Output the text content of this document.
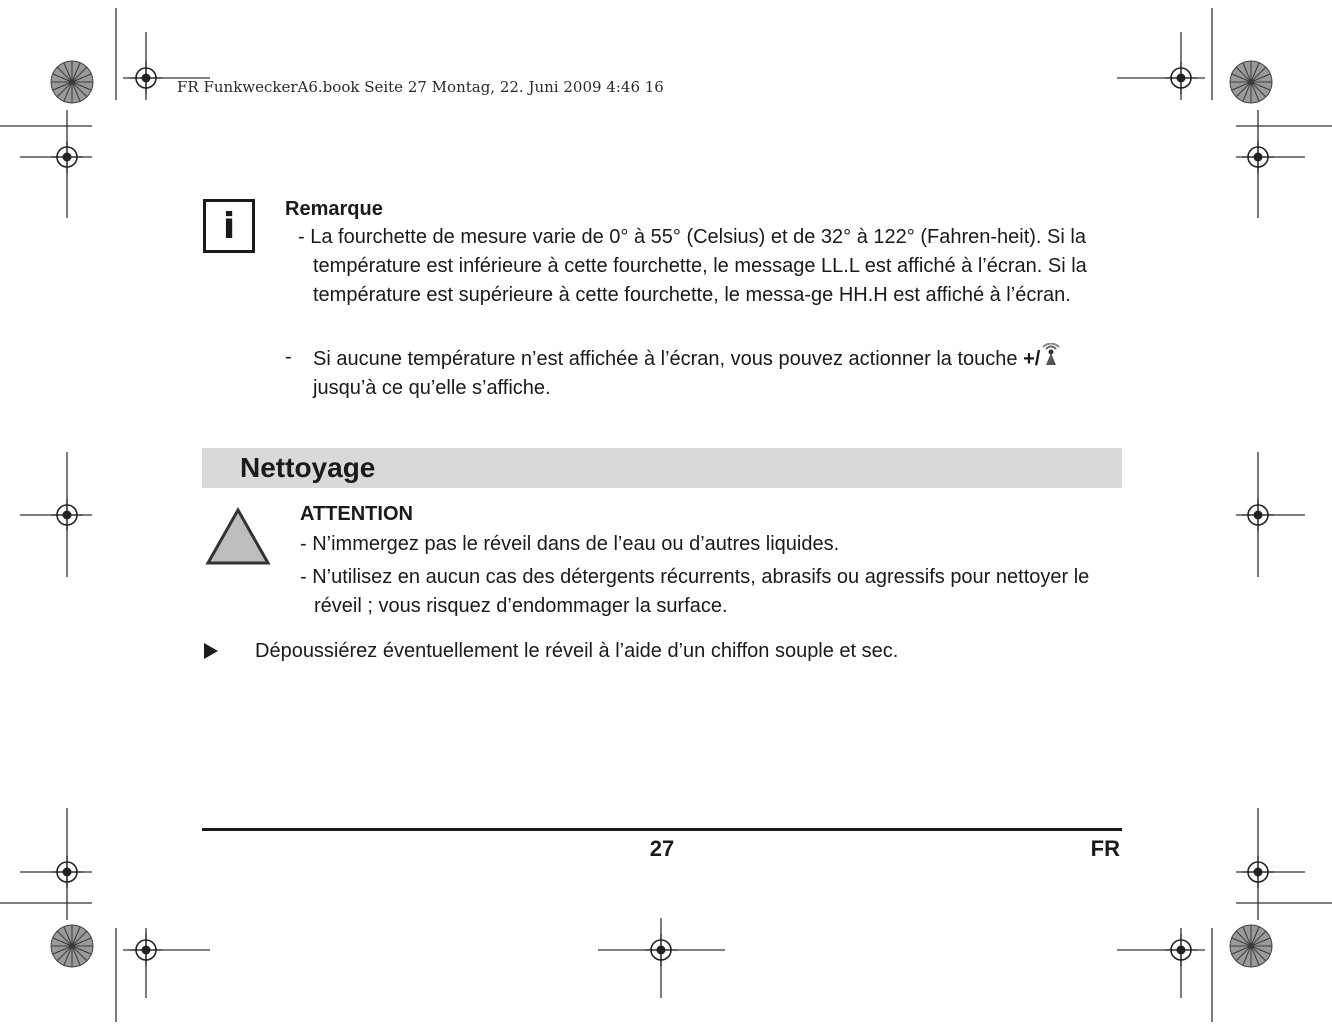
FR FunkweckerA6.book Seite 27 Montag, 22. Juni 2009 4:46 16
i	Remarque
- La fourchette de mesure varie de 0° à 55° (Celsius) et de 32° à 122° (Fahren-heit). Si la température est inférieure à cette fourchette, le message LL.L est affiché à l’écran. Si la température est supérieure à cette fourchette, le messa-ge HH.H est affiché à l’écran.
- Si aucune température n’est affichée à l’écran, vous pouvez actionner la touche +/ jusqu’à ce qu’elle s’affiche.
Nettoyage
ATTENTION
- N’immergez pas le réveil dans de l’eau ou d’autres liquides.
- N’utilisez en aucun cas des détergents récurrents, abrasifs ou agressifs pour nettoyer le réveil ; vous risquez d’endommager la surface.
Dépoussiérez éventuellement le réveil à l’aide d’un chiffon souple et sec.
27	FR
